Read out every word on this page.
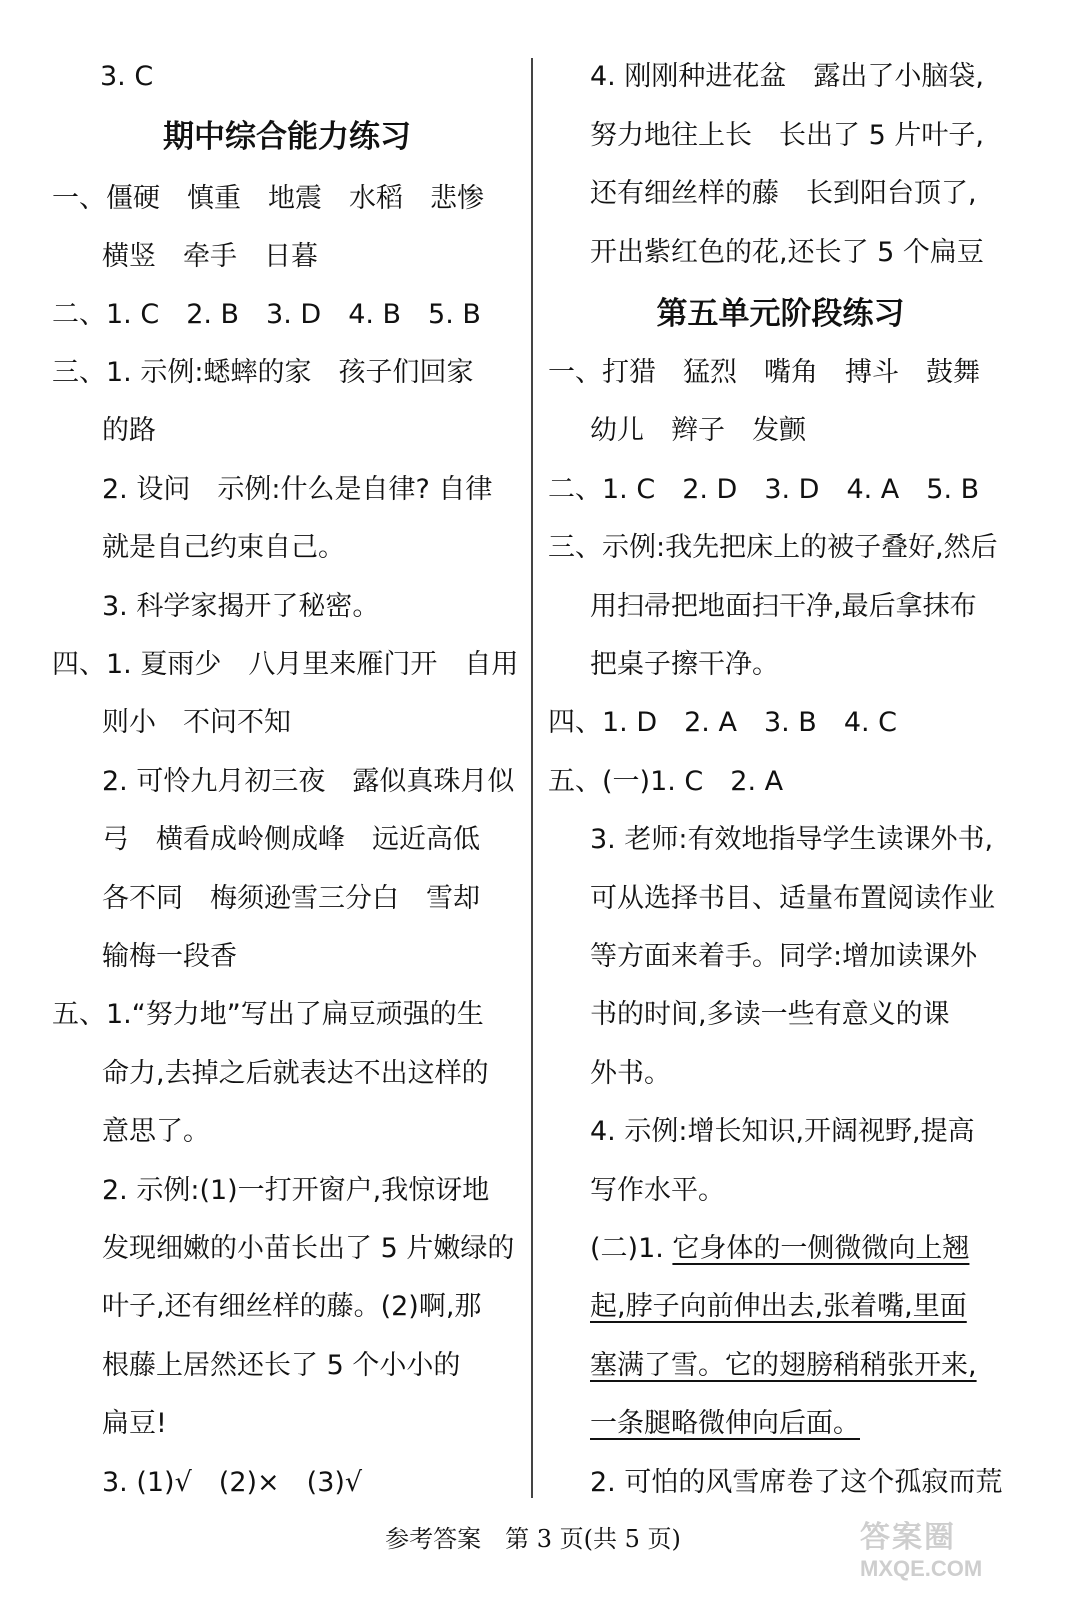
3. C
期中综合能力练习
一、僵硬　慎重　地震　水稻　悲惨
横竖　牵手　日暮
二、1. C　2. B　3. D　4. B　5. B
三、1. 示例:蟋蟀的家　孩子们回家
的路
2. 设问　示例:什么是自律? 自律
就是自己约束自己。
3. 科学家揭开了秘密。
四、1. 夏雨少　八月里来雁门开　自用
则小　不问不知
2. 可怜九月初三夜　露似真珠月似
弓　横看成岭侧成峰　远近高低
各不同　梅须逊雪三分白　雪却
输梅一段香
五、1.“努力地”写出了扁豆顽强的生
命力,去掉之后就表达不出这样的
意思了。
2. 示例:(1)一打开窗户,我惊讶地
发现细嫩的小苗长出了 5 片嫩绿的
叶子,还有细丝样的藤。(2)啊,那
根藤上居然还长了 5 个小小的
扁豆!
3. (1)√　(2)×　(3)√
4. 刚刚种进花盆　露出了小脑袋,
努力地往上长　长出了 5 片叶子,
还有细丝样的藤　长到阳台顶了,
开出紫红色的花,还长了 5 个扁豆
第五单元阶段练习
一、打猎　猛烈　嘴角　搏斗　鼓舞
幼儿　辫子　发颤
二、1. C　2. D　3. D　4. A　5. B
三、示例:我先把床上的被子叠好,然后
用扫帚把地面扫干净,最后拿抹布
把桌子擦干净。
四、1. D　2. A　3. B　4. C
五、(一)1. C　2. A
3. 老师:有效地指导学生读课外书,
可从选择书目、适量布置阅读作业
等方面来着手。同学:增加读课外
书的时间,多读一些有意义的课
外书。
4. 示例:增长知识,开阔视野,提高
写作水平。
(二)1. 它身体的一侧微微向上翘
起,脖子向前伸出去,张着嘴,里面
塞满了雪。它的翅膀稍稍张开来,
一条腿略微伸向后面。
2. 可怕的风雪席卷了这个孤寂而荒
参考答案　第 3 页(共 5 页)	答案圈
MXQE.COM
